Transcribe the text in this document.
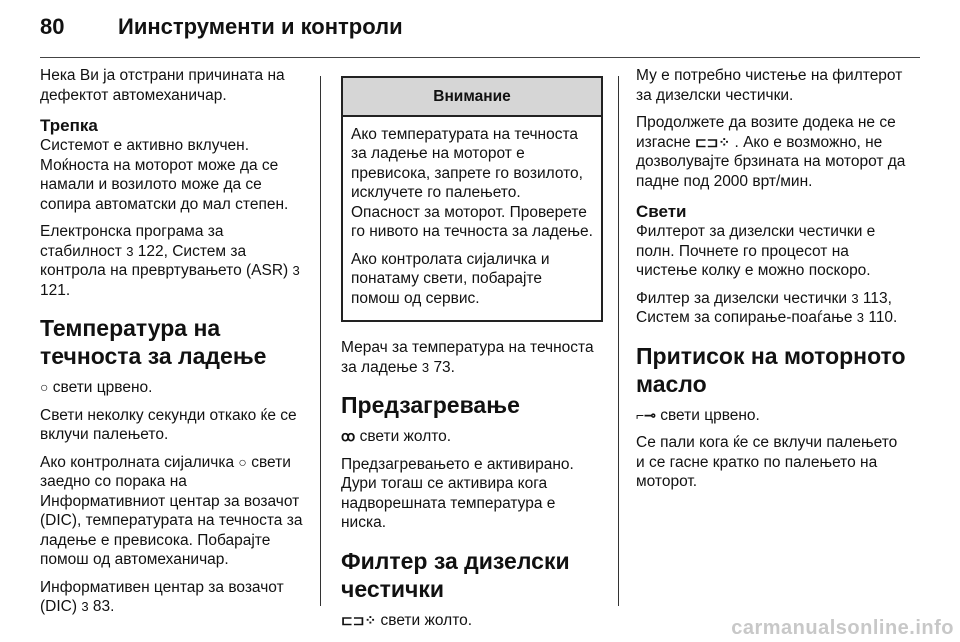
80 Иинструменти и контроли

Нека Ви ја отстрани причината на дефектот автомеханичар.

Трепка

Системот е активно вклучен. Моќноста на моторот може да се намали и возилото може да се сопира автоматски до мал степен.

Електронска програма за стабилност 3 122, Систем за контрола на превртувањето (ASR) 3 121.

Температура на течноста за ладење

○ свети црвено.

Свети неколку секунди откако ќе се вклучи палењето.

Ако контролната сијаличка ○ свети заедно со порака на Информативниот центар за возачот (DIC), температурата на течноста за ладење е превисока. Побарајте помош од автомеханичар.

Информативен центар за возачот (DIC) 3 83.

Внимание

Ако температурата на течноста за ладење на моторот е превисока, запрете го возилото, исклучете го палењето. Опасност за моторот. Проверете го нивото на течноста за ладење.

Ако контролата сијаличка и понатаму свети, побарајте помош од сервис.

Мерач за температура на течноста за ладење 3 73.

Предзагревање

ꝏ свети жолто.

Предзагревањето е активирано. Дури тогаш се активира кога надворешната температура е ниска.

Филтер за дизелски честички

⊏⊐⁘ свети жолто.

Му е потребно чистење на филтерот за дизелски честички.

Продолжете да возите додека не се изгасне ⊏⊐⁘ . Ако е возможно, не дозволувајте брзината на моторот да падне под 2000 врт/мин.

Свети

Филтерот за дизелски честички е полн. Почнете го процесот на чистење колку е можно поскоро.

Филтер за дизелски честички 3 113, Систем за сопирање-поаѓање 3 110.

Притисок на моторното масло

⌐⊸ свети црвено.

Се пали кога ќе се вклучи палењето и се гасне кратко по палењето на моторот.

carmanualsonline.info
